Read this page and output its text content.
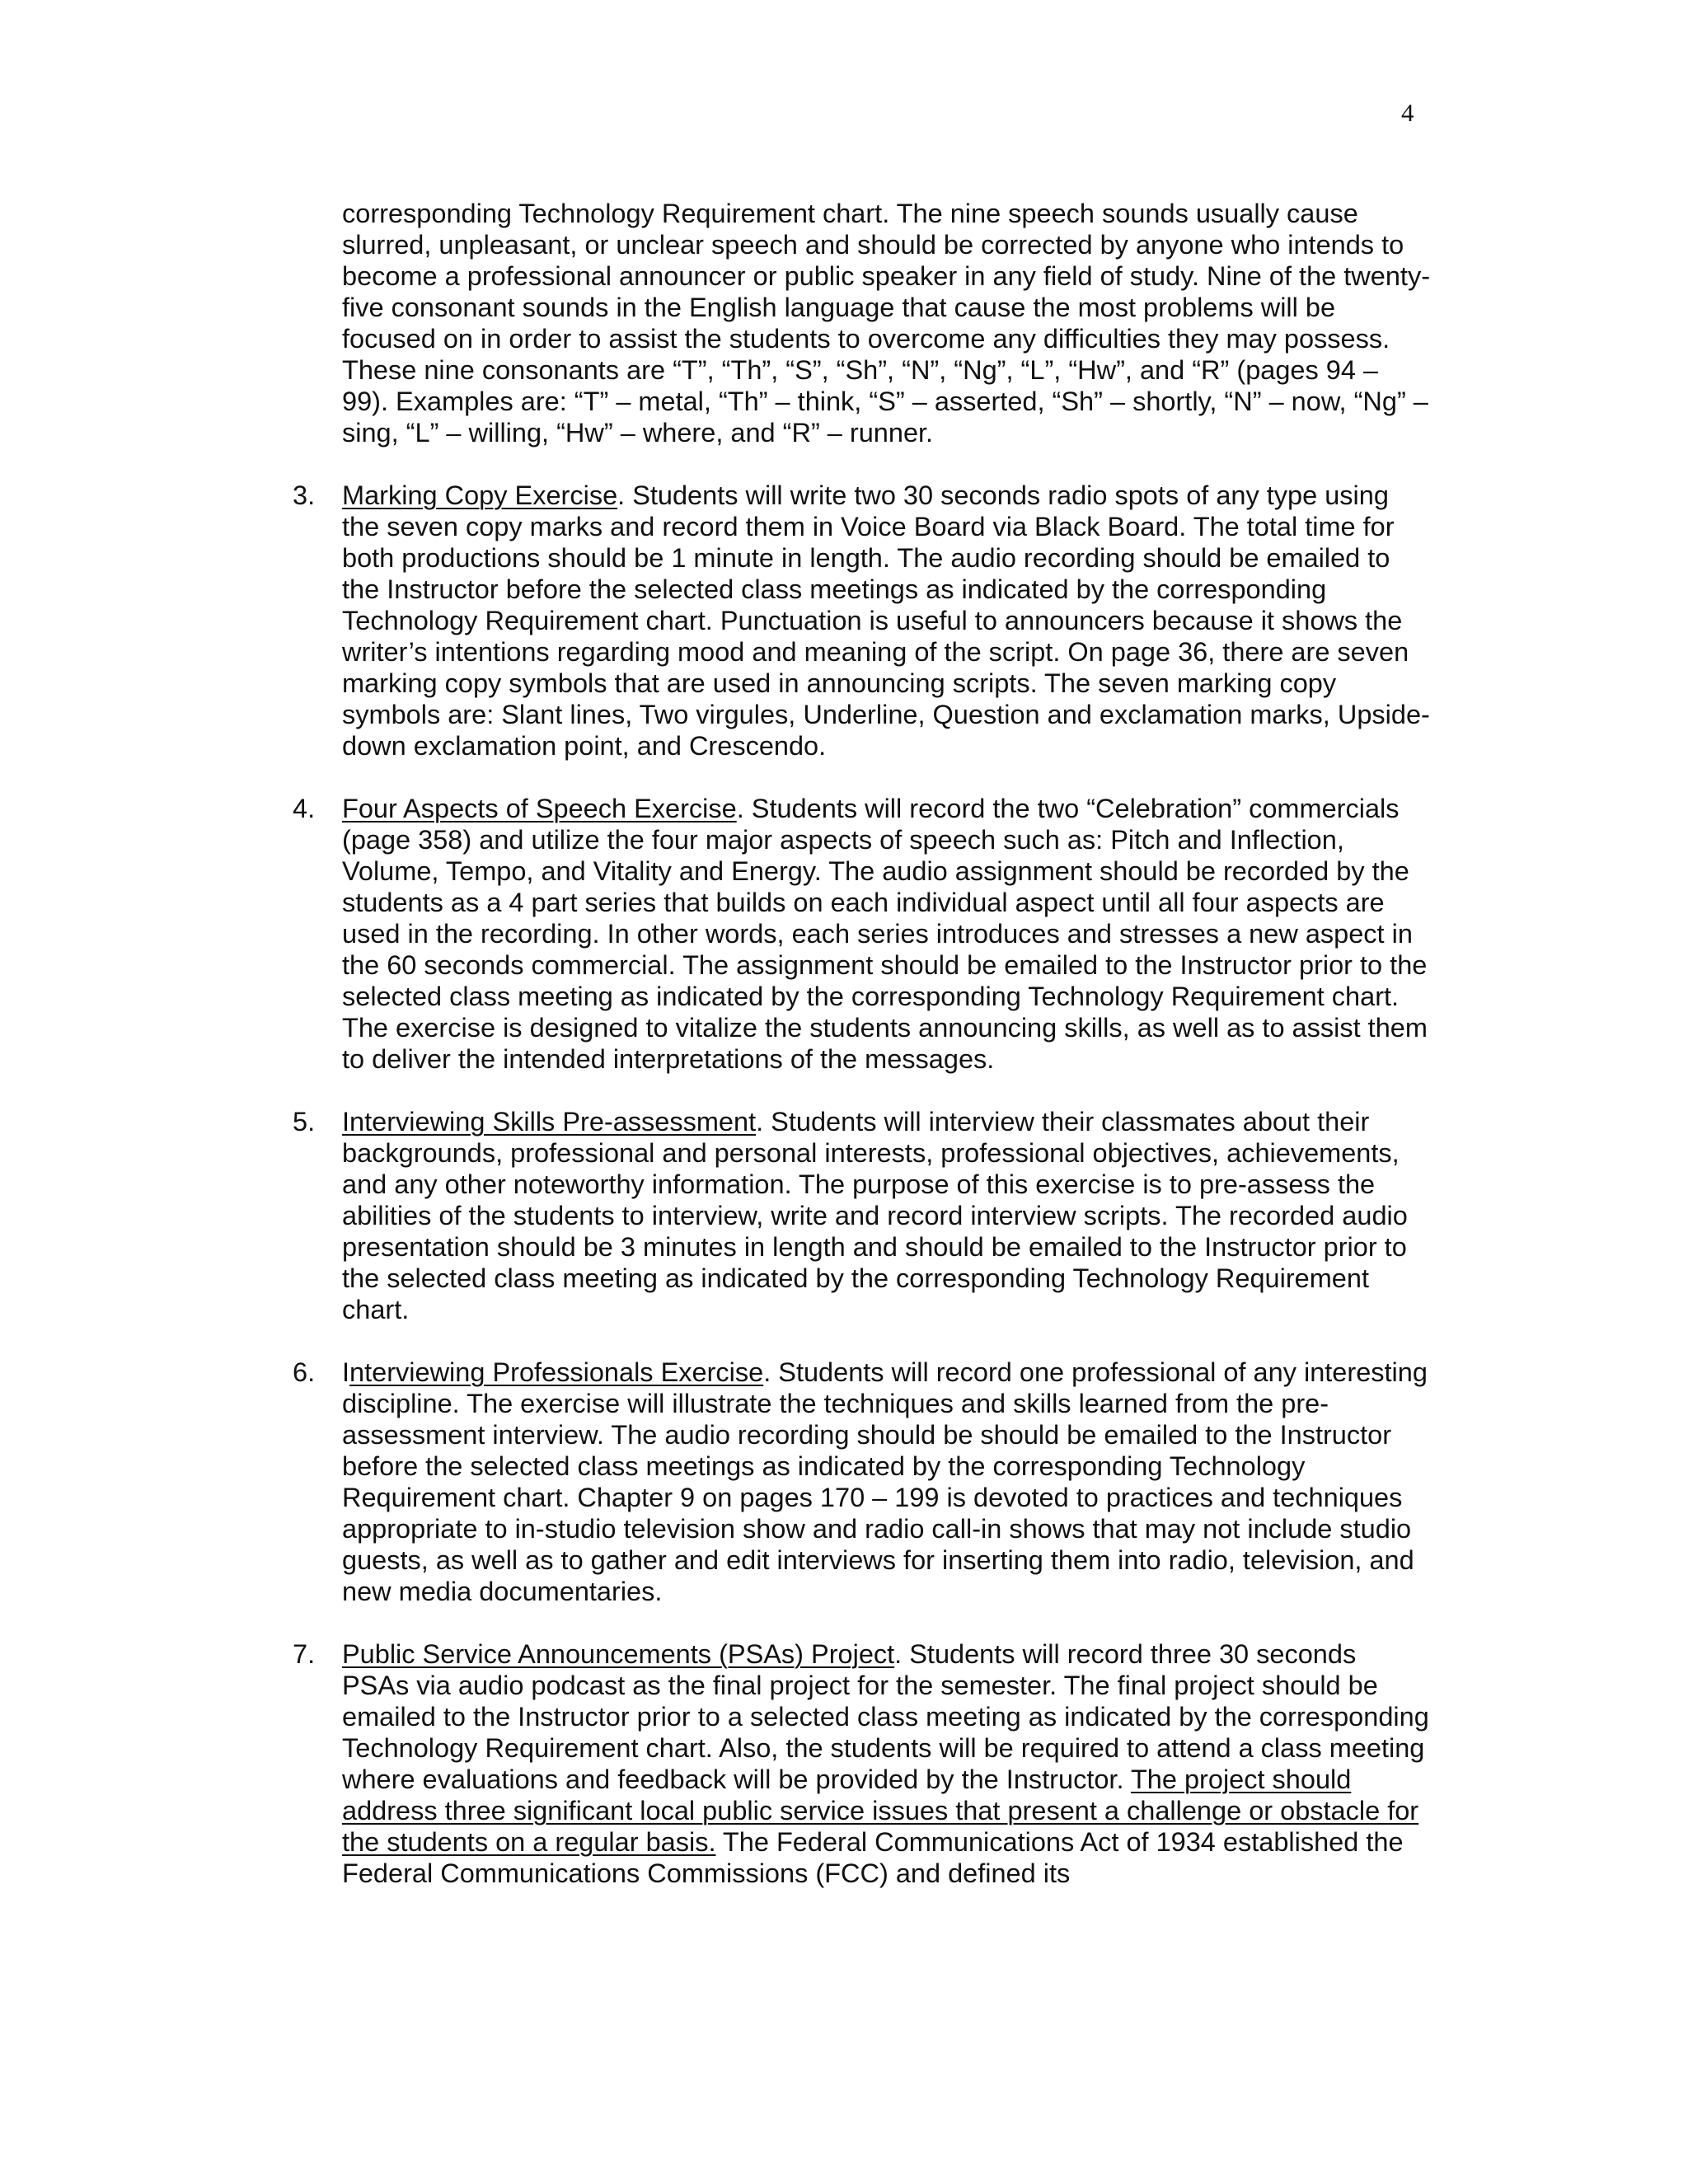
4

corresponding Technology Requirement chart. The nine speech sounds usually cause slurred, unpleasant, or unclear speech and should be corrected by anyone who intends to become a professional announcer or public speaker in any field of study. Nine of the twenty-five consonant sounds in the English language that cause the most problems will be focused on in order to assist the students to overcome any difficulties they may possess. These nine consonants are “T”, “Th”, “S”, “Sh”, “N”, “Ng”, “L”, “Hw”, and “R” (pages 94 – 99). Examples are: “T” – metal, “Th” – think, “S” – asserted, “Sh” – shortly, “N” – now, “Ng” – sing, “L” – willing, “Hw” – where, and “R” – runner.

3. Marking Copy Exercise. Students will write two 30 seconds radio spots of any type using the seven copy marks and record them in Voice Board via Black Board. The total time for both productions should be 1 minute in length. The audio recording should be emailed to the Instructor before the selected class meetings as indicated by the corresponding Technology Requirement chart. Punctuation is useful to announcers because it shows the writer’s intentions regarding mood and meaning of the script. On page 36, there are seven marking copy symbols that are used in announcing scripts. The seven marking copy symbols are: Slant lines, Two virgules, Underline, Question and exclamation marks, Upside-down exclamation point, and Crescendo.
4. Four Aspects of Speech Exercise. Students will record the two “Celebration” commercials (page 358) and utilize the four major aspects of speech such as: Pitch and Inflection, Volume, Tempo, and Vitality and Energy. The audio assignment should be recorded by the students as a 4 part series that builds on each individual aspect until all four aspects are used in the recording. In other words, each series introduces and stresses a new aspect in the 60 seconds commercial. The assignment should be emailed to the Instructor prior to the selected class meeting as indicated by the corresponding Technology Requirement chart. The exercise is designed to vitalize the students announcing skills, as well as to assist them to deliver the intended interpretations of the messages.
5. Interviewing Skills Pre-assessment. Students will interview their classmates about their backgrounds, professional and personal interests, professional objectives, achievements, and any other noteworthy information. The purpose of this exercise is to pre-assess the abilities of the students to interview, write and record interview scripts. The recorded audio presentation should be 3 minutes in length and should be emailed to the Instructor prior to the selected class meeting as indicated by the corresponding Technology Requirement chart.
6. Interviewing Professionals Exercise. Students will record one professional of any interesting discipline. The exercise will illustrate the techniques and skills learned from the pre-assessment interview. The audio recording should be should be emailed to the Instructor before the selected class meetings as indicated by the corresponding Technology Requirement chart. Chapter 9 on pages 170 – 199 is devoted to practices and techniques appropriate to in-studio television show and radio call-in shows that may not include studio guests, as well as to gather and edit interviews for inserting them into radio, television, and new media documentaries.
7. Public Service Announcements (PSAs) Project. Students will record three 30 seconds PSAs via audio podcast as the final project for the semester. The final project should be emailed to the Instructor prior to a selected class meeting as indicated by the corresponding Technology Requirement chart. Also, the students will be required to attend a class meeting where evaluations and feedback will be provided by the Instructor. The project should address three significant local public service issues that present a challenge or obstacle for the students on a regular basis. The Federal Communications Act of 1934 established the Federal Communications Commissions (FCC) and defined its
